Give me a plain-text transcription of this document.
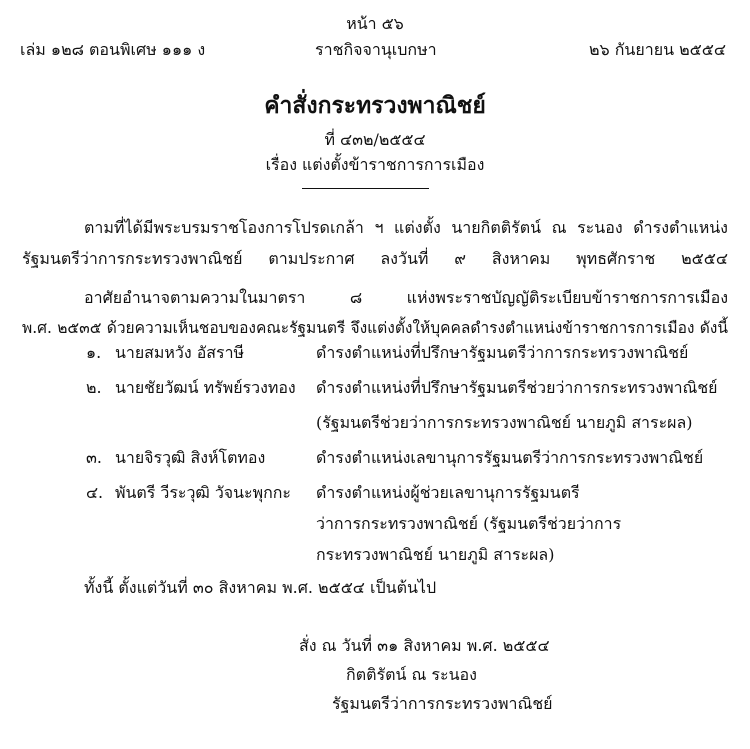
หน้า ๕๖
เล่ม ๑๒๘ ตอนพิเศษ ๑๑๑ ง	ราชกิจจานุเบกษา	๒๖ กันยายน ๒๕๕๔
คำสั่งกระทรวงพาณิชย์
ที่ ๔๓๒/๒๕๕๔
เรื่อง แต่งตั้งข้าราชการการเมือง
ตามที่ได้มีพระบรมราชโองการโปรดเกล้า ฯ แต่งตั้ง นายกิตติรัตน์ ณ ระนอง ดำรงตำแหน่ง
รัฐมนตรีว่าการกระทรวงพาณิชย์ ตามประกาศ ลงวันที่ ๙ สิงหาคม พุทธศักราช ๒๕๕๔
อาศัยอำนาจตามความในมาตรา ๘ แห่งพระราชบัญญัติระเบียบข้าราชการการเมือง
พ.ศ. ๒๕๓๕ ด้วยความเห็นชอบของคณะรัฐมนตรี จึงแต่งตั้งให้บุคคลดำรงตำแหน่งข้าราชการการเมือง ดังนี้
๑. นายสมหวัง อัสราษี	ดำรงตำแหน่งที่ปรึกษารัฐมนตรีว่าการกระทรวงพาณิชย์
๒. นายชัยวัฒน์ ทรัพย์รวงทอง ดำรงตำแหน่งที่ปรึกษารัฐมนตรีช่วยว่าการกระทรวงพาณิชย์
(รัฐมนตรีช่วยว่าการกระทรวงพาณิชย์ นายภูมิ สาระผล)
๓. นายจิรวุฒิ สิงห์โตทอง	ดำรงตำแหน่งเลขานุการรัฐมนตรีว่าการกระทรวงพาณิชย์
๔. พันตรี วีระวุฒิ วัจนะพุกกะ ดำรงตำแหน่งผู้ช่วยเลขานุการรัฐมนตรี
ว่าการกระทรวงพาณิชย์ (รัฐมนตรีช่วยว่าการ
กระทรวงพาณิชย์ นายภูมิ สาระผล)
ทั้งนี้ ตั้งแต่วันที่ ๓๐ สิงหาคม พ.ศ. ๒๕๕๔ เป็นต้นไป
สั่ง ณ วันที่ ๓๑ สิงหาคม พ.ศ. ๒๕๕๔
กิตติรัตน์ ณ ระนอง
รัฐมนตรีว่าการกระทรวงพาณิชย์
